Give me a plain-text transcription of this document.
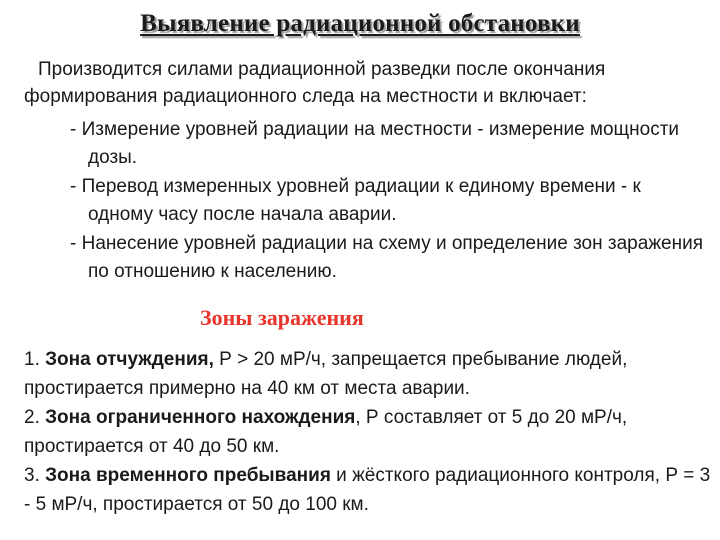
Выявление радиационной обстановки
Производится силами радиационной разведки после окончания формирования радиационного следа на местности и включает:
- Измерение уровней радиации на местности - измерение мощности дозы.
- Перевод измеренных уровней радиации к единому времени - к одному часу после начала аварии.
- Нанесение уровней радиации на схему и определение зон заражения по отношению к населению.
Зоны заражения
1. Зона отчуждения, Р > 20 мР/ч, запрещается пребывание людей, простирается примерно на 40 км от места аварии.
2. Зона ограниченного нахождения, Р составляет от 5 до 20 мР/ч, простирается от 40 до 50 км.
3. Зона временного пребывания и жёсткого радиационного контроля, Р = 3 - 5 мР/ч, простирается от 50 до 100 км.
